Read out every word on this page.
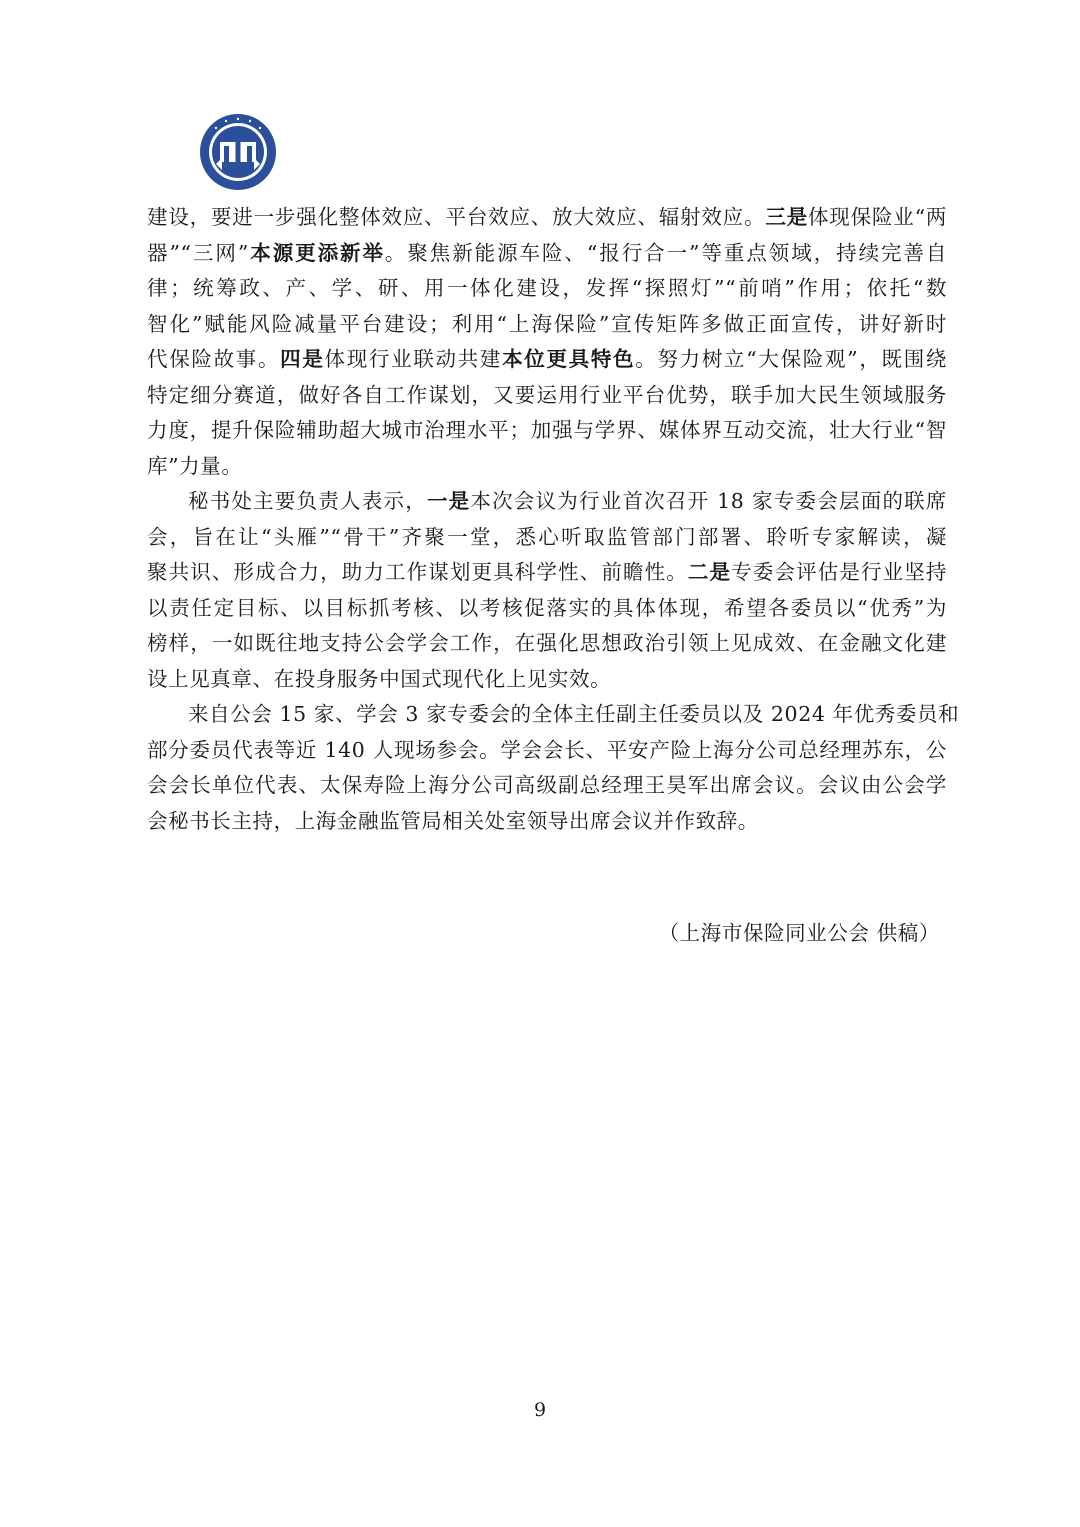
建设，要进一步强化整体效应、平台效应、放大效应、辐射效应。三是体现保险业“两
器”“三网”本源更添新举。聚焦新能源车险、“报行合一”等重点领域，持续完善自
律；统筹政、产、学、研、用一体化建设，发挥“探照灯”“前哨”作用；依托“数
智化”赋能风险减量平台建设；利用“上海保险”宣传矩阵多做正面宣传，讲好新时
代保险故事。四是体现行业联动共建本位更具特色。努力树立“大保险观”，既围绕
特定细分赛道，做好各自工作谋划，又要运用行业平台优势，联手加大民生领域服务
力度，提升保险辅助超大城市治理水平；加强与学界、媒体界互动交流，壮大行业“智
库”力量。
秘书处主要负责人表示，一是本次会议为行业首次召开 18 家专委会层面的联席
会，旨在让“头雁”“骨干”齐聚一堂，悉心听取监管部门部署、聆听专家解读，凝
聚共识、形成合力，助力工作谋划更具科学性、前瞻性。二是专委会评估是行业坚持
以责任定目标、以目标抓考核、以考核促落实的具体体现，希望各委员以“优秀”为
榜样，一如既往地支持公会学会工作，在强化思想政治引领上见成效、在金融文化建
设上见真章、在投身服务中国式现代化上见实效。
来自公会 15 家、学会 3 家专委会的全体主任副主任委员以及 2024 年优秀委员和
部分委员代表等近 140 人现场参会。学会会长、平安产险上海分公司总经理苏东，公
会会长单位代表、太保寿险上海分公司高级副总经理王昊军出席会议。会议由公会学
会秘书长主持，上海金融监管局相关处室领导出席会议并作致辞。
（上海市保险同业公会 供稿）
9
